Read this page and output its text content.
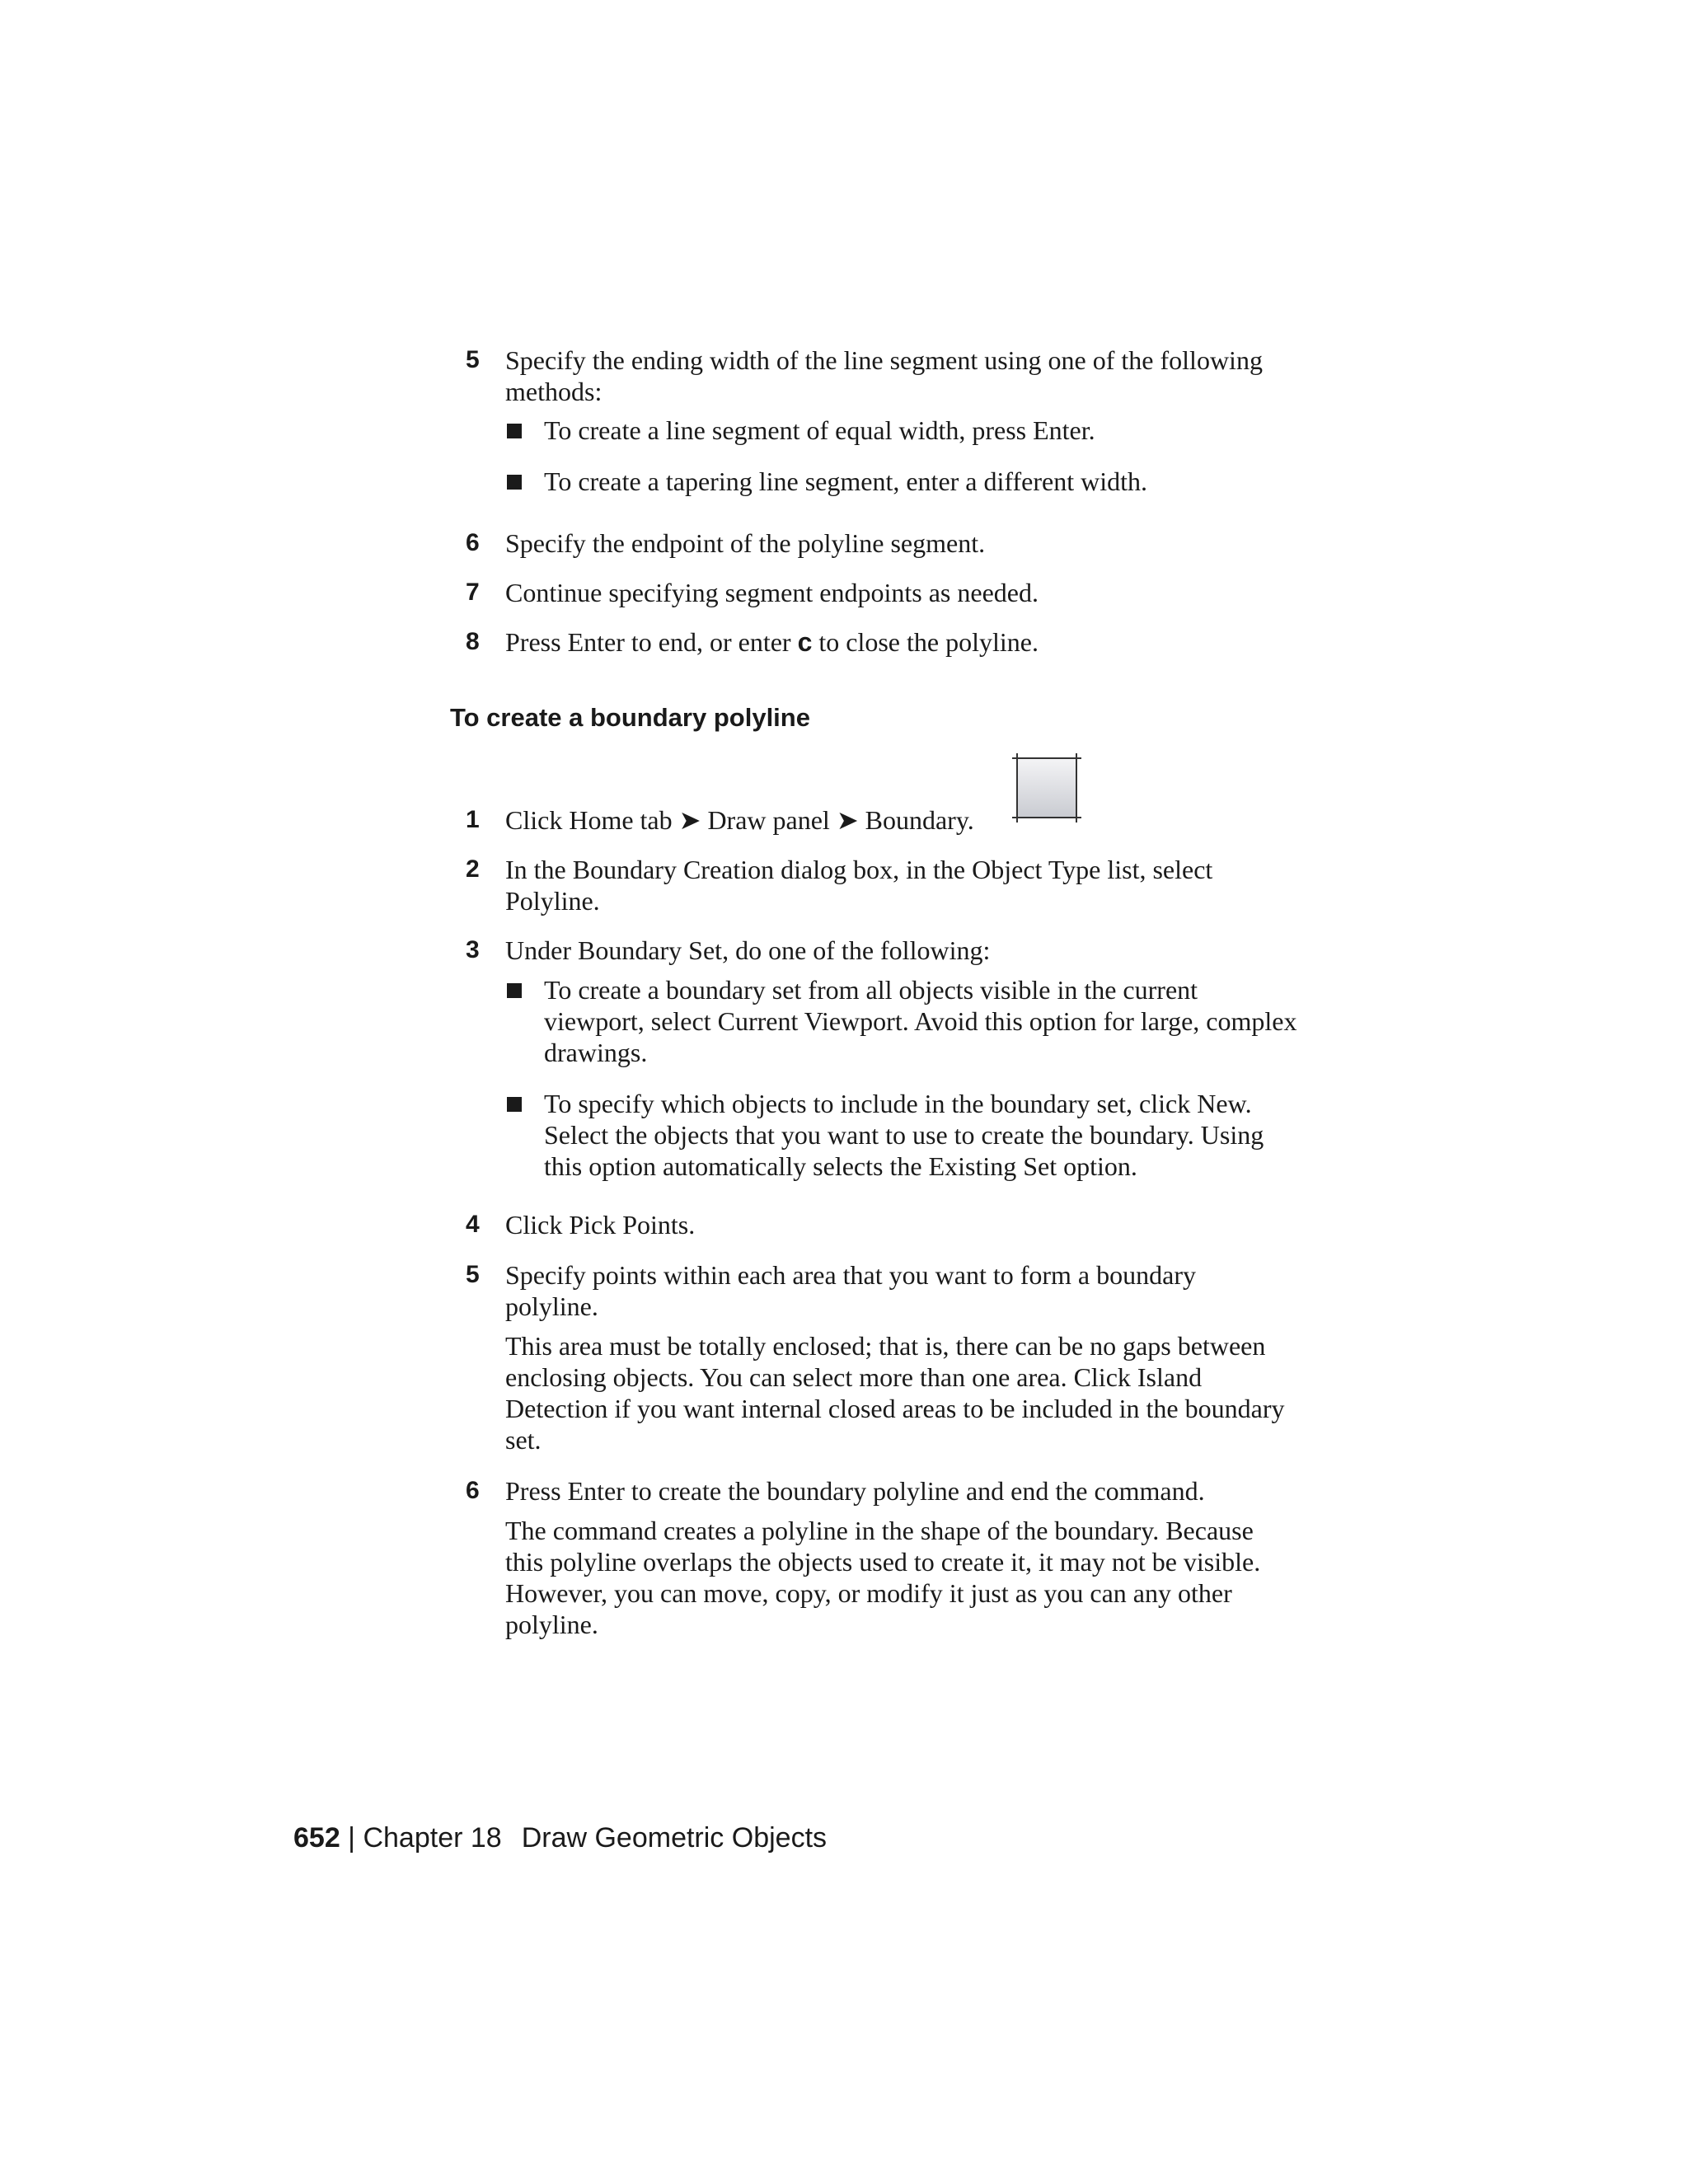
5 Specify the ending width of the line segment using one of the following
methods:
To create a line segment of equal width, press Enter.
To create a tapering line segment, enter a different width.
6 Specify the endpoint of the polyline segment.
7 Continue specifying segment endpoints as needed.
8 Press Enter to end, or enter c to close the polyline.
To create a boundary polyline
1 Click Home tab ➤ Draw panel ➤ Boundary.
2 In the Boundary Creation dialog box, in the Object Type list, select
Polyline.
3 Under Boundary Set, do one of the following:
To create a boundary set from all objects visible in the current
viewport, select Current Viewport. Avoid this option for large, complex
drawings.
To specify which objects to include in the boundary set, click New.
Select the objects that you want to use to create the boundary. Using
this option automatically selects the Existing Set option.
4 Click Pick Points.
5 Specify points within each area that you want to form a boundary
polyline.
This area must be totally enclosed; that is, there can be no gaps between
enclosing objects. You can select more than one area. Click Island
Detection if you want internal closed areas to be included in the boundary
set.
6 Press Enter to create the boundary polyline and end the command.
The command creates a polyline in the shape of the boundary. Because
this polyline overlaps the objects used to create it, it may not be visible.
However, you can move, copy, or modify it just as you can any other
polyline.
652 | Chapter 18 Draw Geometric Objects
